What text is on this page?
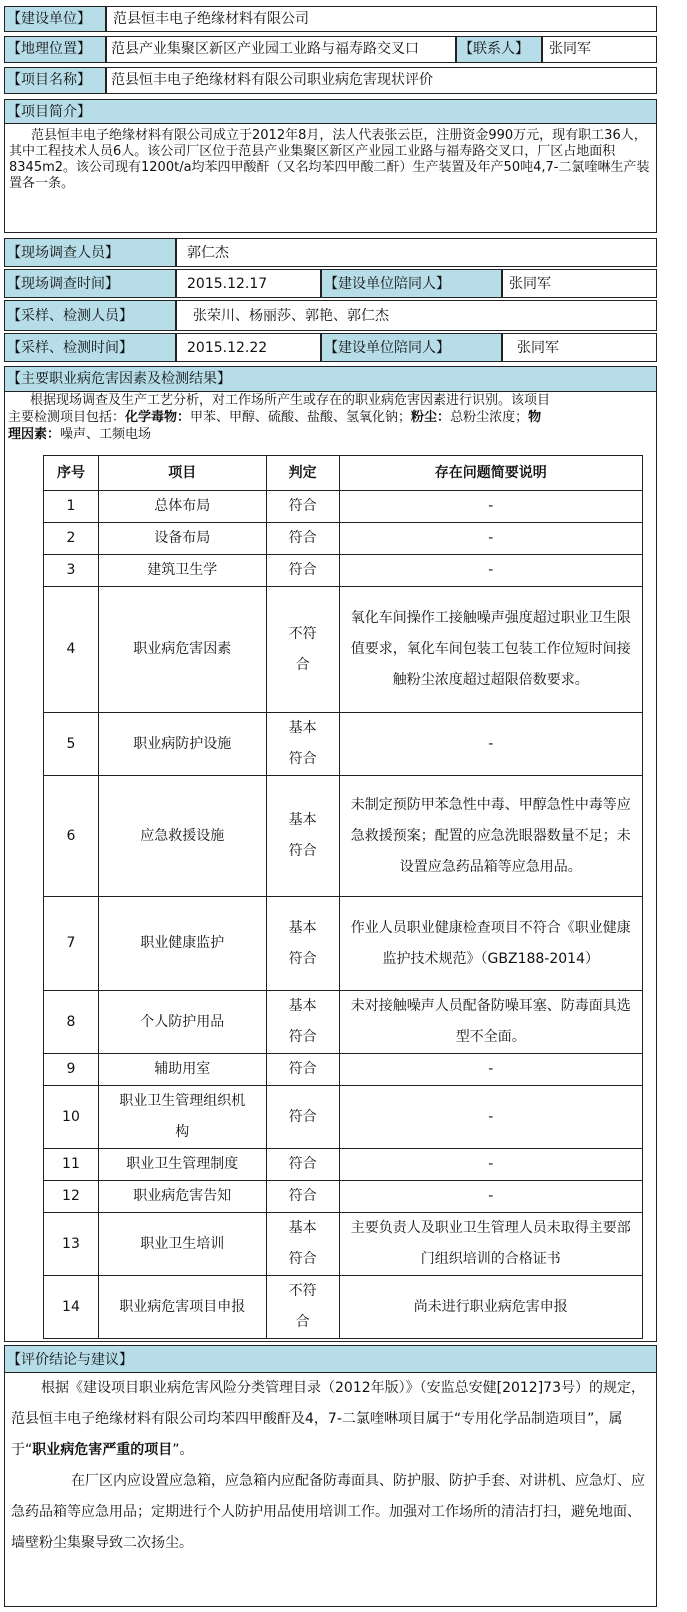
【建设单位】	范县恒丰电子绝缘材料有限公司
【地理位置】	范县产业集聚区新区产业园工业路与福寿路交叉口	【联系人】	张同军
【项目名称】	范县恒丰电子绝缘材料有限公司职业病危害现状评价
【项目简介】
范县恒丰电子绝缘材料有限公司成立于2012年8月，法人代表张云臣，注册资金990万元，现有职工36人，其中工程技术人员6人。该公司厂区位于范县产业集聚区新区产业园工业路与福寿路交叉口，厂区占地面积8345m2。该公司现有1200t/a均苯四甲酸酐（又名均苯四甲酸二酐）生产装置及年产50吨4,7-二氯喹啉生产装置各一条。
【现场调查人员】	郭仁杰
【现场调查时间】	2015.12.17	【建设单位陪同人】	张同军
【采样、检测人员】	张荣川、杨丽莎、郭艳、郭仁杰
【采样、检测时间】	2015.12.22	【建设单位陪同人】	张同军
【主要职业病危害因素及检测结果】
根据现场调查及生产工艺分析，对工作场所产生或存在的职业病危害因素进行识别。该项目
主要检测项目包括：化学毒物：甲苯、甲醇、硫酸、盐酸、氢氧化钠；粉尘：总粉尘浓度；物
理因素：噪声、工频电场
序号	项目	判定	存在问题简要说明
1	总体布局	符合	-
2	设备布局	符合	-
3	建筑卫生学	符合	-
4	职业病危害因素	不符合	氧化车间操作工接触噪声强度超过职业卫生限值要求，氧化车间包装工包装工作位短时间接触粉尘浓度超过超限倍数要求。
5	职业病防护设施	基本符合	-
6	应急救援设施	基本符合	未制定预防甲苯急性中毒、甲醇急性中毒等应急救援预案；配置的应急洗眼器数量不足；未设置应急药品箱等应急用品。
7	职业健康监护	基本符合	作业人员职业健康检查项目不符合《职业健康监护技术规范》（GBZ188-2014）
8	个人防护用品	基本符合	未对接触噪声人员配备防噪耳塞、防毒面具选型不全面。
9	辅助用室	符合	-
10	职业卫生管理组织机构	符合	-
11	职业卫生管理制度	符合	-
12	职业病危害告知	符合	-
13	职业卫生培训	基本符合	主要负责人及职业卫生管理人员未取得主要部门组织培训的合格证书
14	职业病危害项目申报	不符合	尚未进行职业病危害申报
【评价结论与建议】
根据《建设项目职业病危害风险分类管理目录（2012年版）》（安监总安健[2012]73号）的规定，范县恒丰电子绝缘材料有限公司均苯四甲酸酐及4，7-二氯喹啉项目属于“专用化学品制造项目”，属于“职业病危害严重的项目”。
在厂区内应设置应急箱，应急箱内应配备防毒面具、防护服、防护手套、对讲机、应急灯、应急药品箱等应急用品；定期进行个人防护用品使用培训工作。加强对工作场所的清洁打扫，避免地面、墙壁粉尘集聚导致二次扬尘。
